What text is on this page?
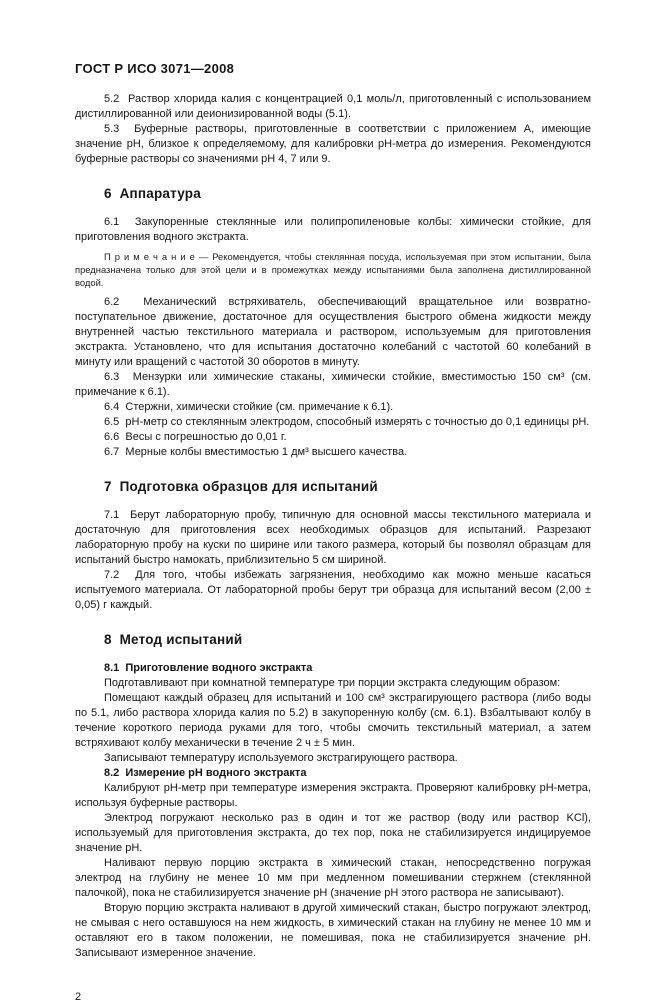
ГОСТ Р ИСО 3071—2008

5.2  Раствор хлорида калия с концентрацией 0,1 моль/л, приготовленный с использованием дистиллированной или деионизированной воды (5.1).

5.3  Буферные растворы, приготовленные в соответствии с приложением А, имеющие значение pH, близкое к определяемому, для калибровки pH-метра до измерения. Рекомендуются буферные растворы со значениями pH 4, 7 или 9.

6  Аппаратура

6.1  Закупоренные стеклянные или полипропиленовые колбы: химически стойкие, для приготовления водного экстракта.

П р и м е ч а н и е — Рекомендуется, чтобы стеклянная посуда, используемая при этом испытании, была предназначена только для этой цели и в промежутках между испытаниями была заполнена дистиллированной водой.

6.2  Механический встряхиватель, обеспечивающий вращательное или возвратно-поступательное движение, достаточное для осуществления быстрого обмена жидкости между внутренней частью текстильного материала и раствором, используемым для приготовления экстракта. Установлено, что для испытания достаточно колебаний с частотой 60 колебаний в минуту или вращений с частотой 30 оборотов в минуту.

6.3  Мензурки или химические стаканы, химически стойкие, вместимостью 150 см³ (см. примечание к 6.1).

6.4  Стержни, химически стойкие (см. примечание к 6.1).

6.5  pH-метр со стеклянным электродом, способный измерять с точностью до 0,1 единицы pH.

6.6  Весы с погрешностью до 0,01 г.

6.7  Мерные колбы вместимостью 1 дм³ высшего качества.

7  Подготовка образцов для испытаний

7.1  Берут лабораторную пробу, типичную для основной массы текстильного материала и достаточную для приготовления всех необходимых образцов для испытаний. Разрезают лабораторную пробу на куски по ширине или такого размера, который бы позволял образцам для испытаний быстро намокать, приблизительно 5 см шириной.

7.2  Для того, чтобы избежать загрязнения, необходимо как можно меньше касаться испытуемого материала. От лабораторной пробы берут три образца для испытаний весом (2,00 ± 0,05) г каждый.

8  Метод испытаний

8.1  Приготовление водного экстракта

Подготавливают при комнатной температуре три порции экстракта следующим образом:

Помещают каждый образец для испытаний и 100 см³ экстрагирующего раствора (либо воды по 5.1, либо раствора хлорида калия по 5.2) в закупоренную колбу (см. 6.1). Взбалтывают колбу в течение короткого периода руками для того, чтобы смочить текстильный материал, а затем встряхивают колбу механически в течение 2 ч ± 5 мин.

Записывают температуру используемого экстрагирующего раствора.

8.2  Измерение pH водного экстракта

Калибруют pH-метр при температуре измерения экстракта. Проверяют калибровку pH-метра, используя буферные растворы.

Электрод погружают несколько раз в один и тот же раствор (воду или раствор KCl), используемый для приготовления экстракта, до тех пор, пока не стабилизируется индицируемое значение pH.

Наливают первую порцию экстракта в химический стакан, непосредственно погружая электрод на глубину не менее 10 мм при медленном помешивании стержнем (стеклянной палочкой), пока не стабилизируется значение pH (значение pH этого раствора не записывают).

Вторую порцию экстракта наливают в другой химический стакан, быстро погружают электрод, не смывая с него оставшуюся на нем жидкость, в химический стакан на глубину не менее 10 мм и оставляют его в таком положении, не помешивая, пока не стабилизируется значение pH. Записывают измеренное значение.

2
